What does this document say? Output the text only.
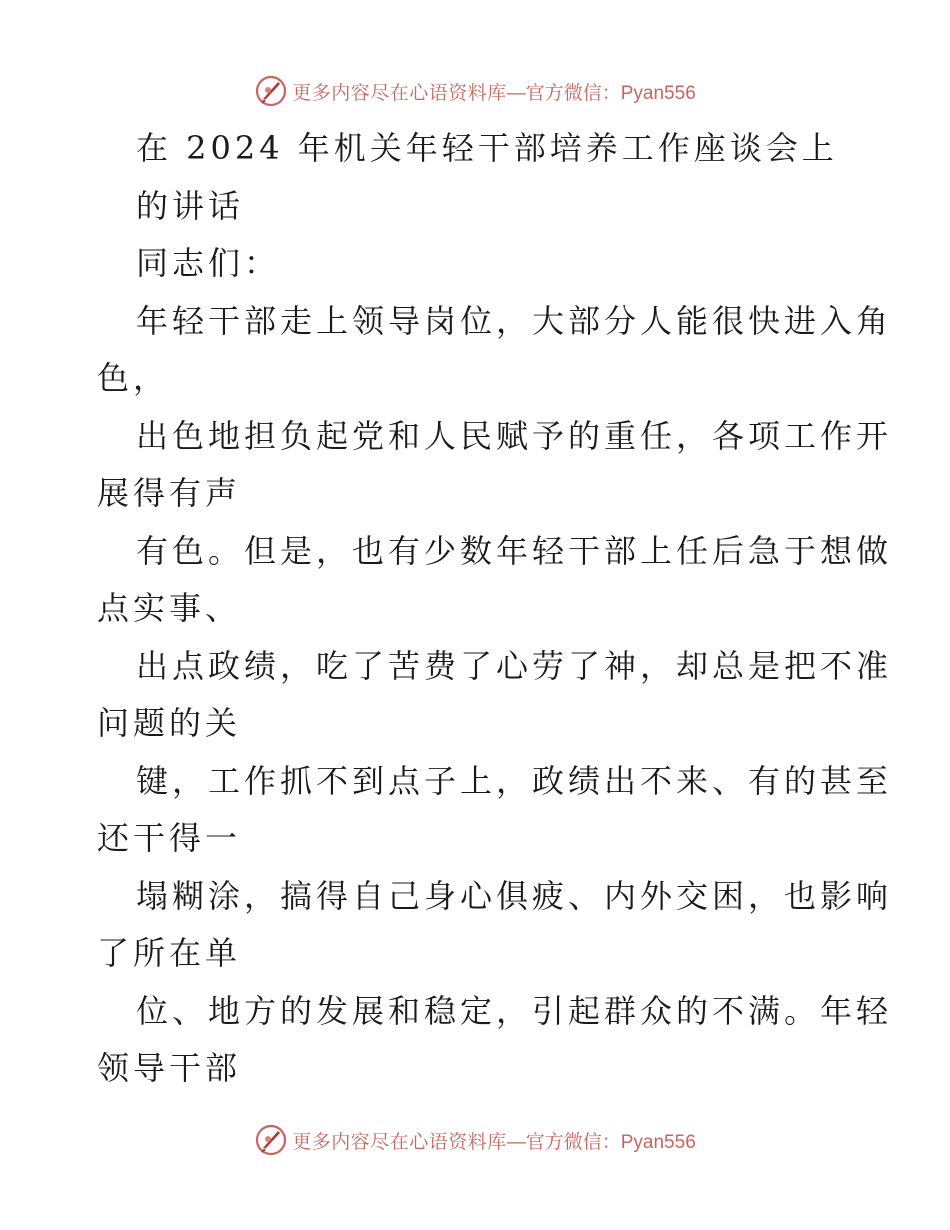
更多内容尽在心语资料库 —官方微信：Pyan556
在 2024 年机关年轻干部培养工作座谈会上
的讲话
同志们：
年轻干部走上领导岗位，大部分人能很快进入角
色，
出色地担负起党和人民赋予的重任，各项工作开
展得有声
有色。但是，也有少数年轻干部上任后急于想做
点实事、
出点政绩，吃了苦费了心劳了神，却总是把不准
问题的关
键，工作抓不到点子上，政绩出不来、有的甚至
还干得一
塌糊涂，搞得自己身心俱疲、内外交困，也影响
了所在单
位、地方的发展和稳定，引起群众的不满。年轻
领导干部
更多内容尽在心语资料库 —官方微信：Pyan556
